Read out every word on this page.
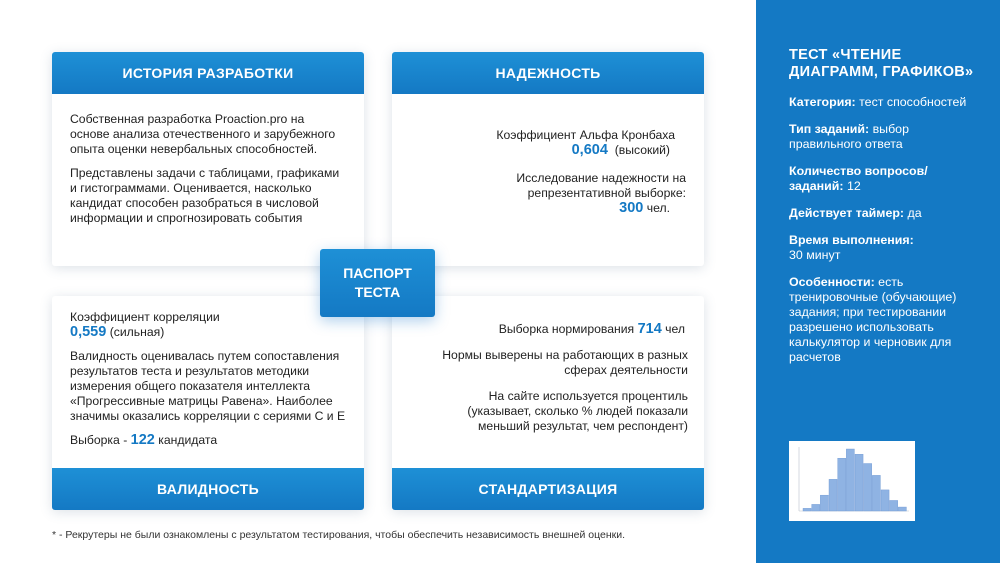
ИСТОРИЯ РАЗРАБОТКИ

Собственная разработка Proaction.pro на основе анализа отечественного и зарубежного опыта оценки невербальных способностей.

Представлены задачи с таблицами, графиками и гистограммами. Оценивается, насколько кандидат способен разобраться в числовой информации и спрогнозировать события

НАДЕЖНОСТЬ
Коэффициент Альфа Кронбаха
0,604 (высокий)
Исследование надежности на репрезентативной выборке:
300 чел.
Коэффициент корреляции
0,559 (сильная)

Валидность оценивалась путем сопоставления результатов теста и результатов методики измерения общего показателя интеллекта «Прогрессивные матрицы Равена». Наиболее значимы оказались корреляции с сериями С и Е

Выборка - 122 кандидата
ВАЛИДНОСТЬ
Выборка нормирования 714 чел

Нормы выверены на работающих в разных сферах деятельности

На сайте используется процентиль (указывает, сколько % людей показали меньший результат, чем респондент)

СТАНДАРТИЗАЦИЯ
ПАСПОРТ
ТЕСТА
* - Рекрутеры не были ознакомлены с результатом тестирования, чтобы обеспечить независимость внешней оценки.
ТЕСТ «ЧТЕНИЕ ДИАГРАММ, ГРАФИКОВ»
Категория: тест способностей
Тип заданий: выбор правильного ответа
Количество вопросов/заданий: 12
Действует таймер: да
Время выполнения:
30 минут
Особенности: есть тренировочные (обучающие) задания; при тестировании разрешено использовать калькулятор и черновик для расчетов
